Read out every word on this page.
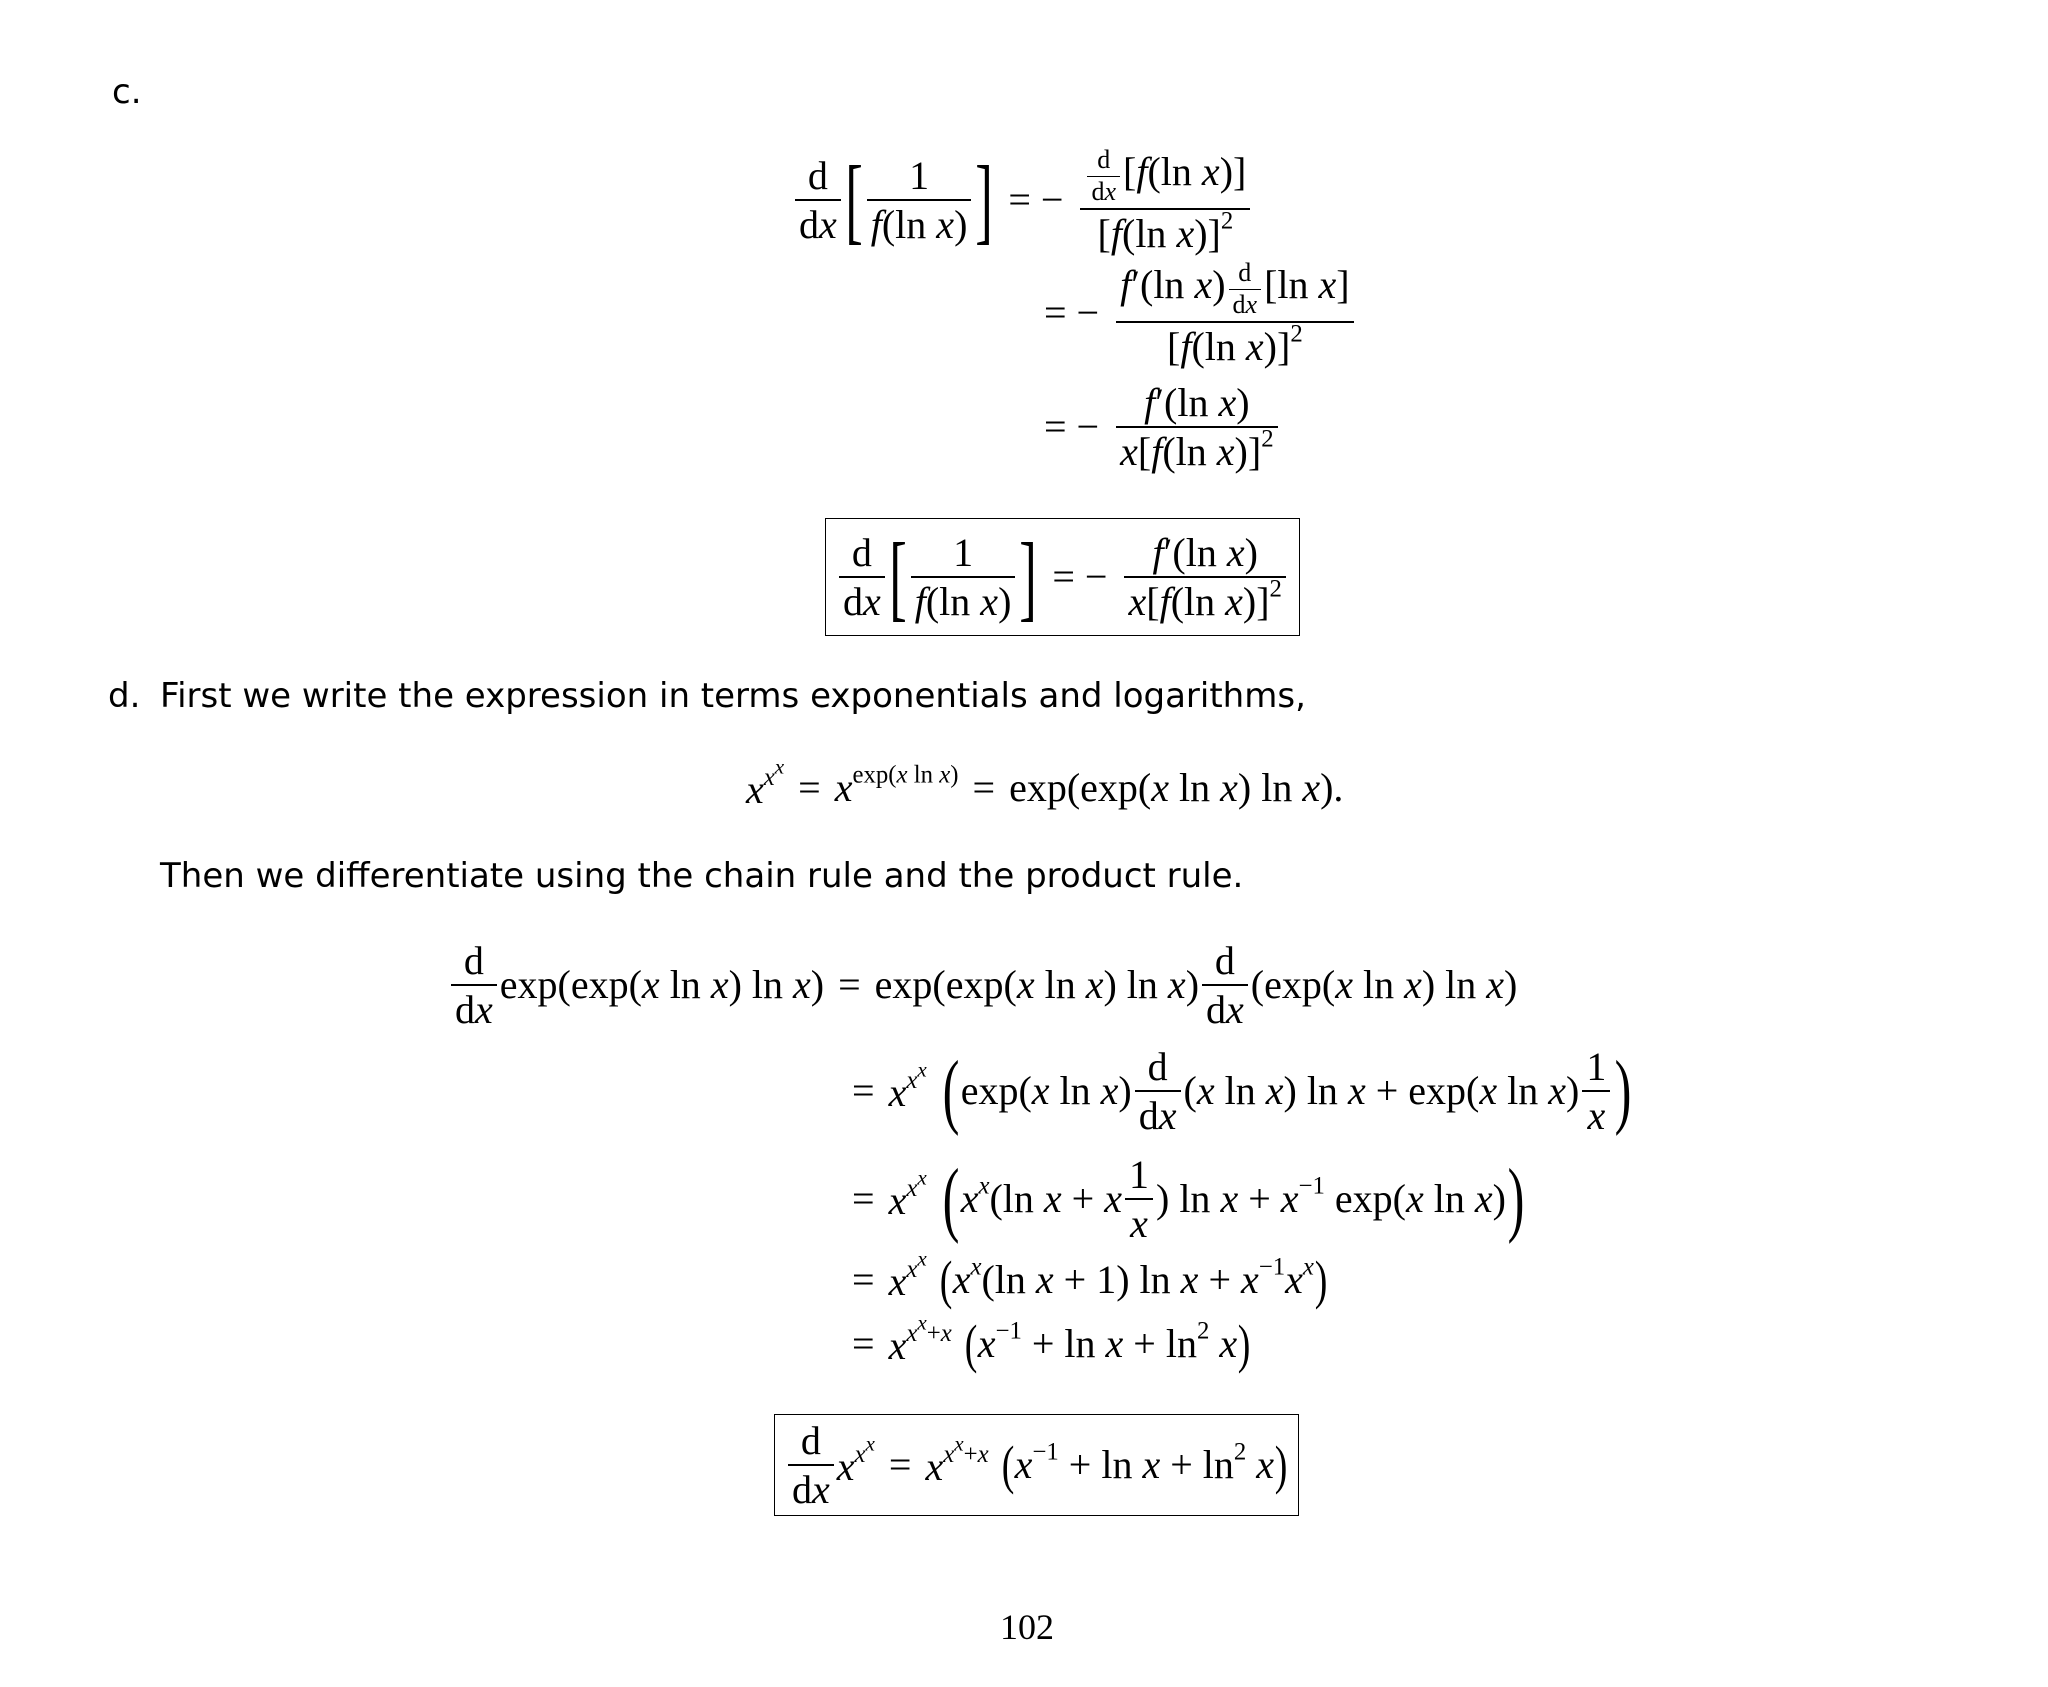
c.
$\frac{d}{dx}$ [ $\frac{1}{\text{f(ln x)}}$ ] = − $\frac{\frac{d}{dx} [f(\ln x)]}{[f(\ln x)]^2}$
= − $\frac{f'(\ln x) \frac{d}{dx} [\ln x]}{[f(\ln x)]^2}$
= − $\frac{\text{f′(ln x)}}{x[f(\ln x)]^2}$
$\frac{d}{dx}$ [ $\frac{1}{\text{f(ln x)}}$ ] = − $\frac{\text{f′(ln x)}}{x[f(\ln x)]^2}$
d. First we write the expression in terms exponentials and logarithms,
$x^{x^x} = x^{exp(x ln x)} = \exp(\exp(x$ ln x) ln x).
Then we differentiate using the chain rule and the product rule.
$\frac{d}{dx} \exp(\exp(x$ ln x) ln x) = exp(exp(x ln x) $\ln x) \frac{d}{dx} (\exp(x$ ln x) ln x)
= $x^{x^x}$ ( exp(x $\ln x) \frac{d}{dx} (x$ ln x) ln x + exp(x $\ln x) \frac{1}{x}$ )
= $x^{x^x}$ ( $x^x(\ln$ x + x $\frac{1}{x}$ ) $\ln x + x^{-1}$ exp(x ln x) )
= $x^{x^x}$ ( $x^x(\ln$ x + 1) $\ln x + x^{-1}x^x$ )
= $x^{x^x+x}$ ( $x^{-1} + \ln x + \ln^2 x$ )
$\frac{d}{dx} x^{x^x} = x^{x^x+x}$ ( $x^{-1} + \ln x + \ln^2 x$ )
102
